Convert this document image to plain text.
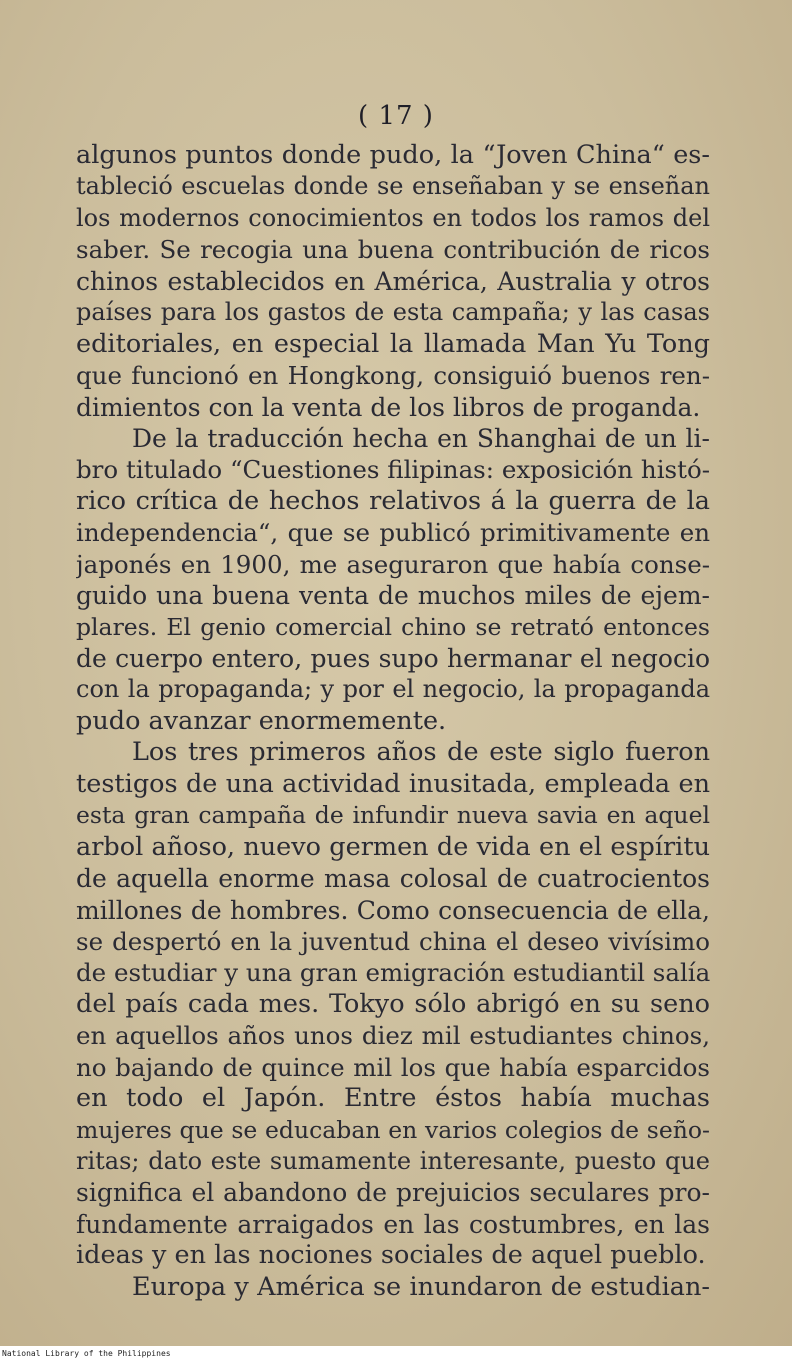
( 17 )
algunos puntos donde pudo, la “Joven China“ es-
tableció escuelas donde se enseñaban y se enseñan
los modernos conocimientos en todos los ramos del
saber. Se recogia una buena contribución de ricos
chinos establecidos en América, Australia y otros
países para los gastos de esta campaña; y las casas
editoriales, en especial la llamada Man Yu Tong
que funcionó en Hongkong, consiguió buenos ren-
dimientos con la venta de los libros de proganda.
De la traducción hecha en Shanghai de un li-
bro titulado “Cuestiones filipinas: exposición histó-
rico crítica de hechos relativos á la guerra de la
independencia“, que se publicó primitivamente en
japonés en 1900, me aseguraron que había conse-
guido una buena venta de muchos miles de ejem-
plares. El genio comercial chino se retrató entonces
de cuerpo entero, pues supo hermanar el negocio
con la propaganda; y por el negocio, la propaganda
pudo avanzar enormemente.
Los tres primeros años de este siglo fueron
testigos de una actividad inusitada, empleada en
esta gran campaña de infundir nueva savia en aquel
arbol añoso, nuevo germen de vida en el espíritu
de aquella enorme masa colosal de cuatrocientos
millones de hombres. Como consecuencia de ella,
se despertó en la juventud china el deseo vivísimo
de estudiar y una gran emigración estudiantil salía
del país cada mes. Tokyo sólo abrigó en su seno
en aquellos años unos diez mil estudiantes chinos,
no bajando de quince mil los que había esparcidos
en todo el Japón. Entre éstos había muchas
mujeres que se educaban en varios colegios de seño-
ritas; dato este sumamente interesante, puesto que
significa el abandono de prejuicios seculares pro-
fundamente arraigados en las costumbres, en las
ideas y en las nociones sociales de aquel pueblo.
Europa y América se inundaron de estudian-
National Library of the Philippines
